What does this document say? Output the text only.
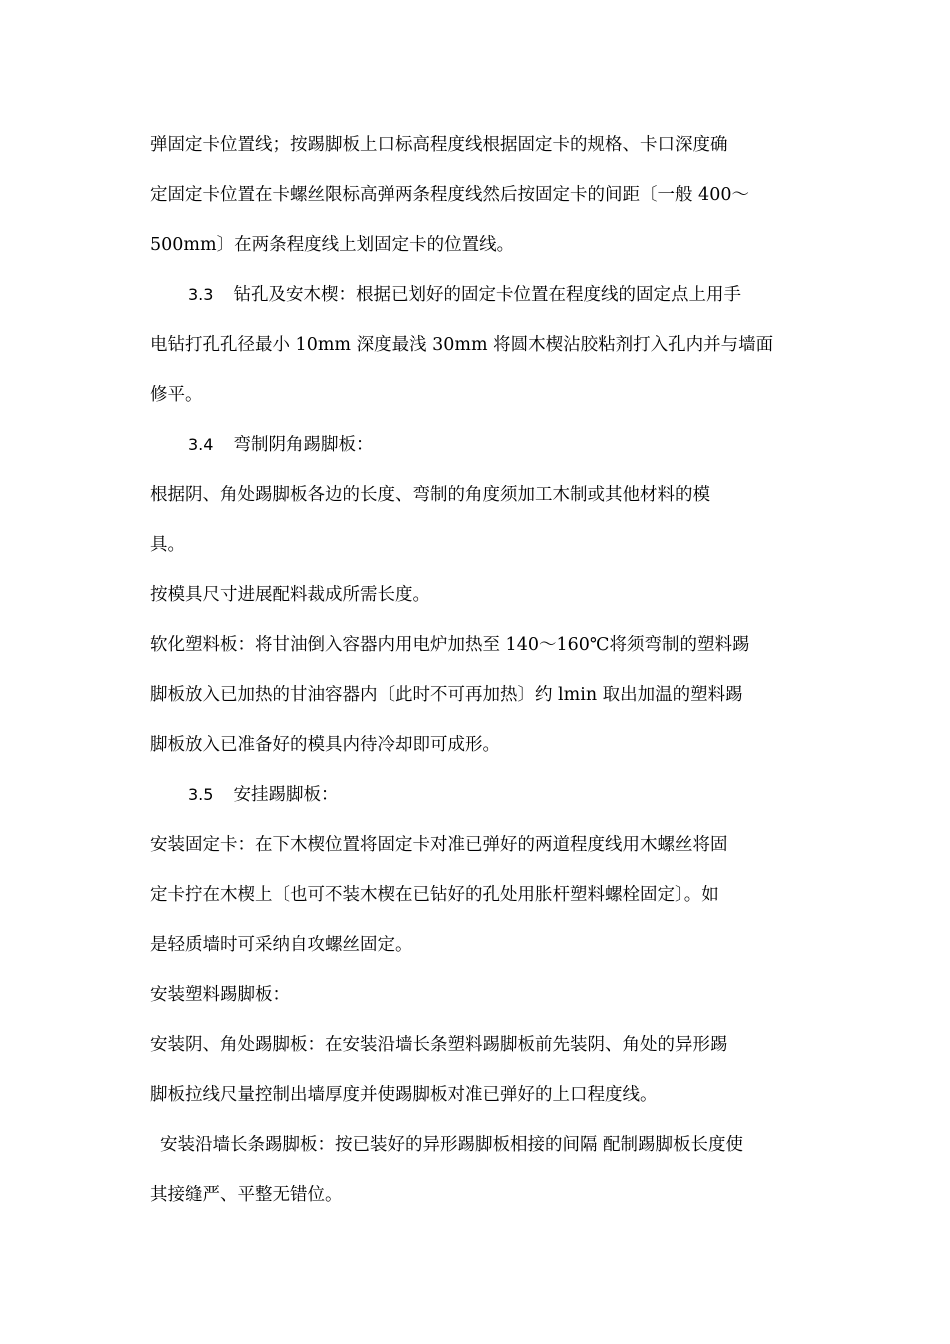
弹固定卡位置线；按踢脚板上口标高程度线根据固定卡的规格、卡口深度确
定固定卡位置在卡螺丝限标高弹两条程度线然后按固定卡的间距〔一般 400～
500mm〕在两条程度线上划固定卡的位置线。
3.3 钻孔及安木楔：根据已划好的固定卡位置在程度线的固定点上用手
电钻打孔孔径最小 10mm 深度最浅 30mm 将圆木楔沾胶粘剂打入孔内并与墙面
修平。
3.4 弯制阴角踢脚板：
根据阴、角处踢脚板各边的长度、弯制的角度须加工木制或其他材料的模
具。
按模具尺寸进展配料裁成所需长度。
软化塑料板：将甘油倒入容器内用电炉加热至 140～160℃将须弯制的塑料踢
脚板放入已加热的甘油容器内〔此时不可再加热〕约 lmin 取出加温的塑料踢
脚板放入已准备好的模具内待冷却即可成形。
3.5 安挂踢脚板：
安装固定卡：在下木楔位置将固定卡对准已弹好的两道程度线用木螺丝将固
定卡拧在木楔上〔也可不装木楔在已钻好的孔处用胀杆塑料螺栓固定〕。如
是轻质墙时可采纳自攻螺丝固定。
安装塑料踢脚板：
安装阴、角处踢脚板：在安装沿墙长条塑料踢脚板前先装阴、角处的异形踢
脚板拉线尺量控制出墙厚度并使踢脚板对准已弹好的上口程度线。
安装沿墙长条踢脚板：按已装好的异形踢脚板相接的间隔 配制踢脚板长度使
其接缝严、平整无错位。
